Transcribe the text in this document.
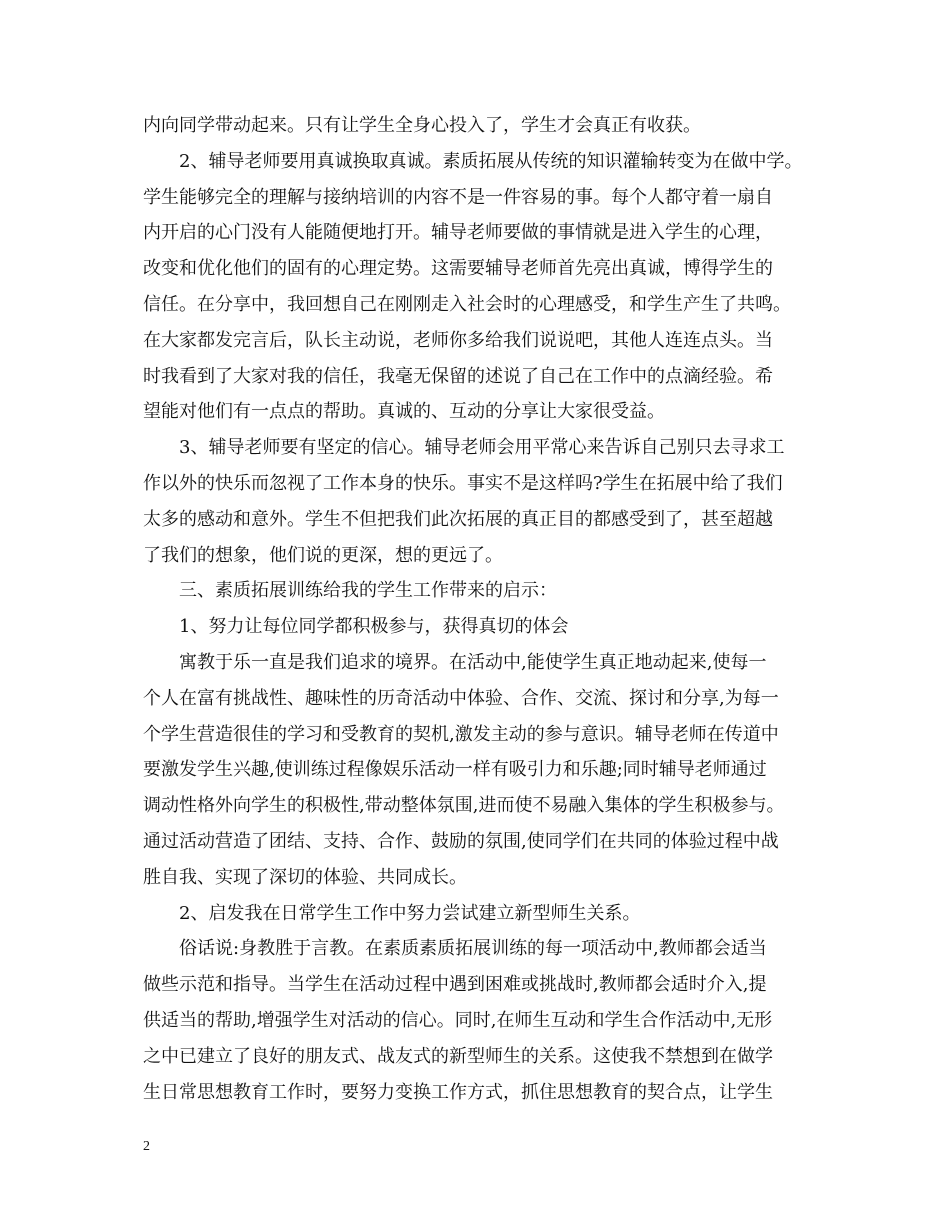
内向同学带动起来。只有让学生全身心投入了，学生才会真正有收获。
2、辅导老师要用真诚换取真诚。素质拓展从传统的知识灌输转变为在做中学。
学生能够完全的理解与接纳培训的内容不是一件容易的事。每个人都守着一扇自
内开启的心门没有人能随便地打开。辅导老师要做的事情就是进入学生的心理，
改变和优化他们的固有的心理定势。这需要辅导老师首先亮出真诚，博得学生的
信任。在分享中，我回想自己在刚刚走入社会时的心理感受，和学生产生了共鸣。
在大家都发完言后，队长主动说，老师你多给我们说说吧，其他人连连点头。当
时我看到了大家对我的信任，我毫无保留的述说了自己在工作中的点滴经验。希
望能对他们有一点点的帮助。真诚的、互动的分享让大家很受益。
3、辅导老师要有坚定的信心。辅导老师会用平常心来告诉自己别只去寻求工
作以外的快乐而忽视了工作本身的快乐。事实不是这样吗?学生在拓展中给了我们
太多的感动和意外。学生不但把我们此次拓展的真正目的都感受到了，甚至超越
了我们的想象，他们说的更深，想的更远了。
三、素质拓展训练给我的学生工作带来的启示：
1、努力让每位同学都积极参与，获得真切的体会
寓教于乐一直是我们追求的境界。在活动中,能使学生真正地动起来,使每一
个人在富有挑战性、趣味性的历奇活动中体验、合作、交流、探讨和分享,为每一
个学生营造很佳的学习和受教育的契机,激发主动的参与意识。辅导老师在传道中
要激发学生兴趣,使训练过程像娱乐活动一样有吸引力和乐趣;同时辅导老师通过
调动性格外向学生的积极性,带动整体氛围,进而使不易融入集体的学生积极参与。
通过活动营造了团结、支持、合作、鼓励的氛围,使同学们在共同的体验过程中战
胜自我、实现了深切的体验、共同成长。
2、启发我在日常学生工作中努力尝试建立新型师生关系。
俗话说:身教胜于言教。在素质素质拓展训练的每一项活动中,教师都会适当
做些示范和指导。当学生在活动过程中遇到困难或挑战时,教师都会适时介入,提
供适当的帮助,增强学生对活动的信心。同时,在师生互动和学生合作活动中,无形
之中已建立了良好的朋友式、战友式的新型师生的关系。这使我不禁想到在做学
生日常思想教育工作时，要努力变换工作方式，抓住思想教育的契合点，让学生
2
